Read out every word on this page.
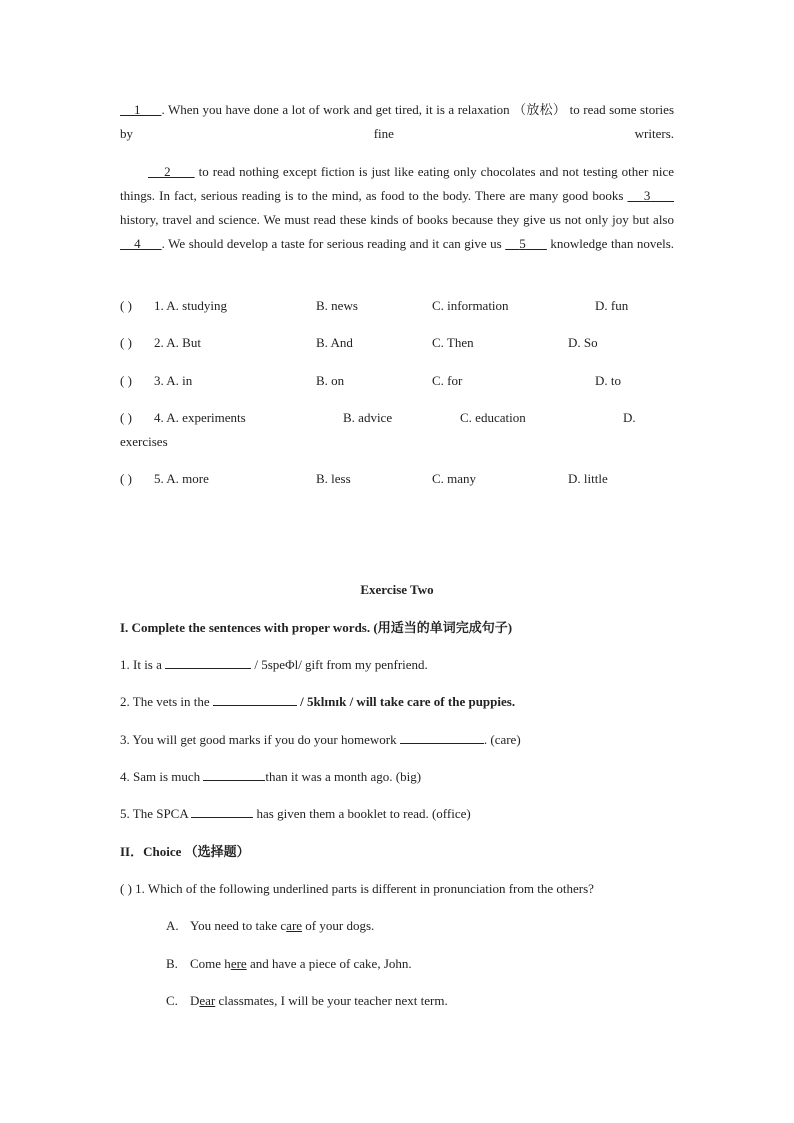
1 . When you have done a lot of work and get tired, it is a relaxation （放松） to read some stories by fine writers.
2       to read nothing except fiction is just like eating only chocolates and not testing other nice things. In fact, serious reading is to the mind, as food to the body. There are many good books     3       history, travel and science. We must read these kinds of books because they give us not only joy but also     4 . We should develop a taste for serious reading and it can give us     5       knowledge than novels.
( ) 1. A. studying	B. news	C. information	D. fun
( ) 2. A. But	B. And	C. Then	D. So
( ) 3. A. in	B. on	C. for	D. to
( ) 4. A. experiments	B. advice	C. education	D.
exercises
( ) 5. A. more	B. less	C. many	D. little
Exercise Two
I. Complete the sentences with proper words. (用适当的单词完成句子)
1. It is a	/ 5speΦl/ gift from my penfriend.
2. The vets in the	/ 5klɪnɪk / will take care of the puppies.
3. You will get good marks if you do your homework	. (care)
4. Sam is much	than it was a month ago. (big)
5. The SPCA	has given them a booklet to read. (office)
II．Choice （选择题）
( ) 1. Which of the following underlined parts is different in pronunciation from the others?
A. You need to take care of your dogs.
B. Come here and have a piece of cake, John.
C. Dear classmates, I will be your teacher next term.
